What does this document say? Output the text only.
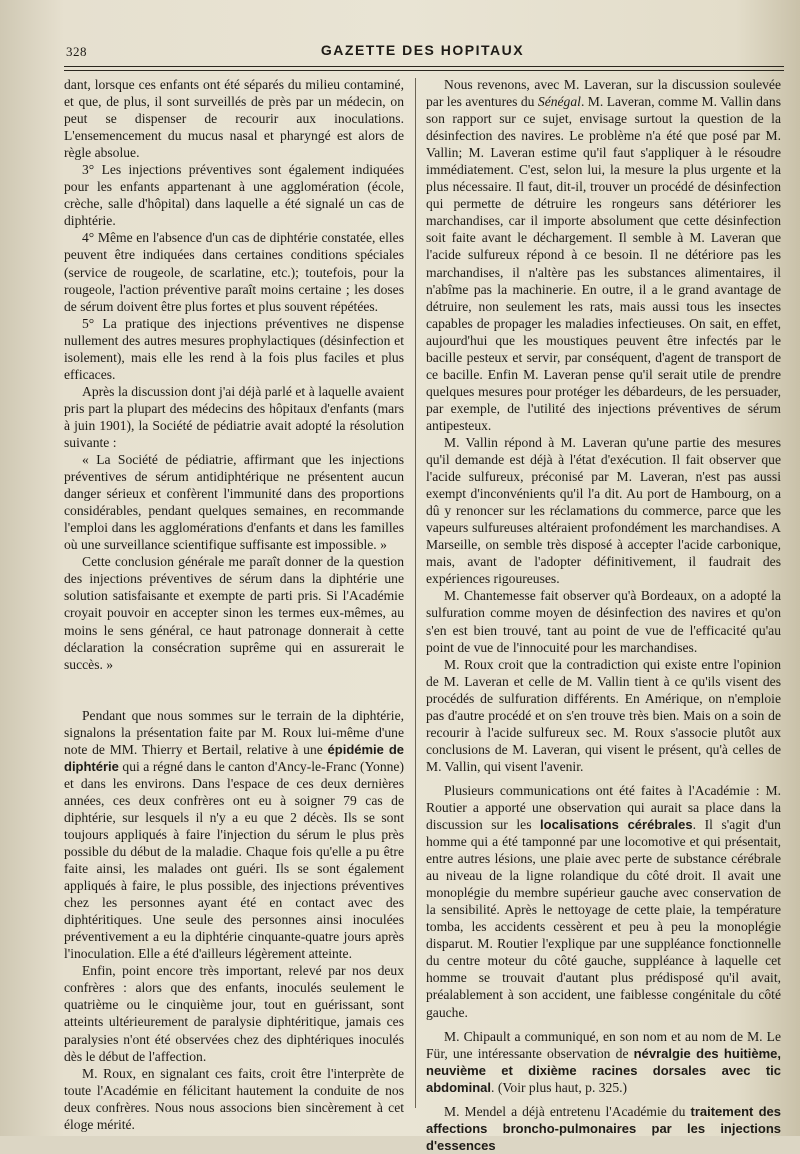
328	GAZETTE DES HOPITAUX

dant, lorsque ces enfants ont été séparés du milieu contaminé, et que, de plus, il sont surveillés de près par un médecin, on peut se dispenser de recourir aux inoculations. L'ensemencement du mucus nasal et pharyngé est alors de règle absolue.

3° Les injections préventives sont également indiquées pour les enfants appartenant à une agglomération (école, crèche, salle d'hôpital) dans laquelle a été signalé un cas de diphtérie.

4° Même en l'absence d'un cas de diphtérie constatée, elles peuvent être indiquées dans certaines conditions spéciales (service de rougeole, de scarlatine, etc.); toutefois, pour la rougeole, l'action préventive paraît moins certaine ; les doses de sérum doivent être plus fortes et plus souvent répétées.

5° La pratique des injections préventives ne dispense nullement des autres mesures prophylactiques (désinfection et isolement), mais elle les rend à la fois plus faciles et plus efficaces.

Après la discussion dont j'ai déjà parlé et à laquelle avaient pris part la plupart des médecins des hôpitaux d'enfants (mars à juin 1901), la Société de pédiatrie avait adopté la résolution suivante :

« La Société de pédiatrie, affirmant que les injections préventives de sérum antidiphtérique ne présentent aucun danger sérieux et confèrent l'immunité dans des proportions considérables, pendant quelques semaines, en recommande l'emploi dans les agglomérations d'enfants et dans les familles où une surveillance scientifique suffisante est impossible. »

Cette conclusion générale me paraît donner de la question des injections préventives de sérum dans la diphtérie une solution satisfaisante et exempte de parti pris. Si l'Académie croyait pouvoir en accepter sinon les termes eux-mêmes, au moins le sens général, ce haut patronage donnerait à cette déclaration la consécration suprême qui en assurerait le succès. »

Pendant que nous sommes sur le terrain de la diphtérie, signalons la présentation faite par M. Roux lui-même d'une note de MM. Thierry et Bertail, relative à une épidémie de diphtérie qui a régné dans le canton d'Ancy-le-Franc (Yonne) et dans les environs. Dans l'espace de ces deux dernières années, ces deux confrères ont eu à soigner 79 cas de diphtérie, sur lesquels il n'y a eu que 2 décès. Ils se sont toujours appliqués à faire l'injection du sérum le plus près possible du début de la maladie. Chaque fois qu'elle a pu être faite ainsi, les malades ont guéri. Ils se sont également appliqués à faire, le plus possible, des injections préventives chez les personnes ayant été en contact avec des diphtéritiques. Une seule des personnes ainsi inoculées préventivement a eu la diphtérie cinquante-quatre jours après l'inoculation. Elle a été d'ailleurs légèrement atteinte.

Enfin, point encore très important, relevé par nos deux confrères : alors que des enfants, inoculés seulement le quatrième ou le cinquième jour, tout en guérissant, sont atteints ultérieurement de paralysie diphtéritique, jamais ces paralysies n'ont été observées chez des diphtériques inoculés dès le début de l'affection.

M. Roux, en signalant ces faits, croit être l'interprète de toute l'Académie en félicitant hautement la conduite de nos deux confrères. Nous nous associons bien sincèrement à cet éloge mérité.

Nous revenons, avec M. Laveran, sur la discussion soulevée par les aventures du Sénégal. M. Laveran, comme M. Vallin dans son rapport sur ce sujet, envisage surtout la question de la désinfection des navires. Le problème n'a été que posé par M. Vallin; M. Laveran estime qu'il faut s'appliquer à le résoudre immédiatement. C'est, selon lui, la mesure la plus urgente et la plus nécessaire. Il faut, dit-il, trouver un procédé de désinfection qui permette de détruire les rongeurs sans détériorer les marchandises, car il importe absolument que cette désinfection soit faite avant le déchargement. Il semble à M. Laveran que l'acide sulfureux répond à ce besoin. Il ne détériore pas les marchandises, il n'altère pas les substances alimentaires, il n'abîme pas la machinerie. En outre, il a le grand avantage de détruire, non seulement les rats, mais aussi tous les insectes capables de propager les maladies infectieuses. On sait, en effet, aujourd'hui que les moustiques peuvent être infectés par le bacille pesteux et servir, par conséquent, d'agent de transport de ce bacille. Enfin M. Laveran pense qu'il serait utile de prendre quelques mesures pour protéger les débardeurs, de les persuader, par exemple, de l'utilité des injections préventives de sérum antipesteux.

M. Vallin répond à M. Laveran qu'une partie des mesures qu'il demande est déjà à l'état d'exécution. Il fait observer que l'acide sulfureux, préconisé par M. Laveran, n'est pas aussi exempt d'inconvénients qu'il l'a dit. Au port de Hambourg, on a dû y renoncer sur les réclamations du commerce, parce que les vapeurs sulfureuses altéraient profondément les marchandises. A Marseille, on semble très disposé à accepter l'acide carbonique, mais, avant de l'adopter définitivement, il faudrait des expériences rigoureuses.

M. Chantemesse fait observer qu'à Bordeaux, on a adopté la sulfuration comme moyen de désinfection des navires et qu'on s'en est bien trouvé, tant au point de vue de l'efficacité qu'au point de vue de l'innocuité pour les marchandises.

M. Roux croit que la contradiction qui existe entre l'opinion de M. Laveran et celle de M. Vallin tient à ce qu'ils visent des procédés de sulfuration différents. En Amérique, on n'emploie pas d'autre procédé et on s'en trouve très bien. Mais on a soin de recourir à l'acide sulfureux sec. M. Roux s'associe plutôt aux conclusions de M. Laveran, qui visent le présent, qu'à celles de M. Vallin, qui visent l'avenir.

Plusieurs communications ont été faites à l'Académie : M. Routier a apporté une observation qui aurait sa place dans la discussion sur les localisations cérébrales. Il s'agit d'un homme qui a été tamponné par une locomotive et qui présentait, entre autres lésions, une plaie avec perte de substance cérébrale au niveau de la ligne rolandique du côté droit. Il avait une monoplégie du membre supérieur gauche avec conservation de la sensibilité. Après le nettoyage de cette plaie, la température tomba, les accidents cessèrent et peu à peu la monoplégie disparut. M. Routier l'explique par une suppléance fonctionnelle du centre moteur du côté gauche, suppléance à laquelle cet homme se trouvait d'autant plus prédisposé qu'il avait, préalablement à son accident, une faiblesse congénitale du côté gauche.

M. Chipault a communiqué, en son nom et au nom de M. Le Für, une intéressante observation de névralgie des huitième, neuvième et dixième racines dorsales avec tic abdominal. (Voir plus haut, p. 325.)

M. Mendel a déjà entretenu l'Académie du traitement des affections broncho-pulmonaires par les injections d'essences
